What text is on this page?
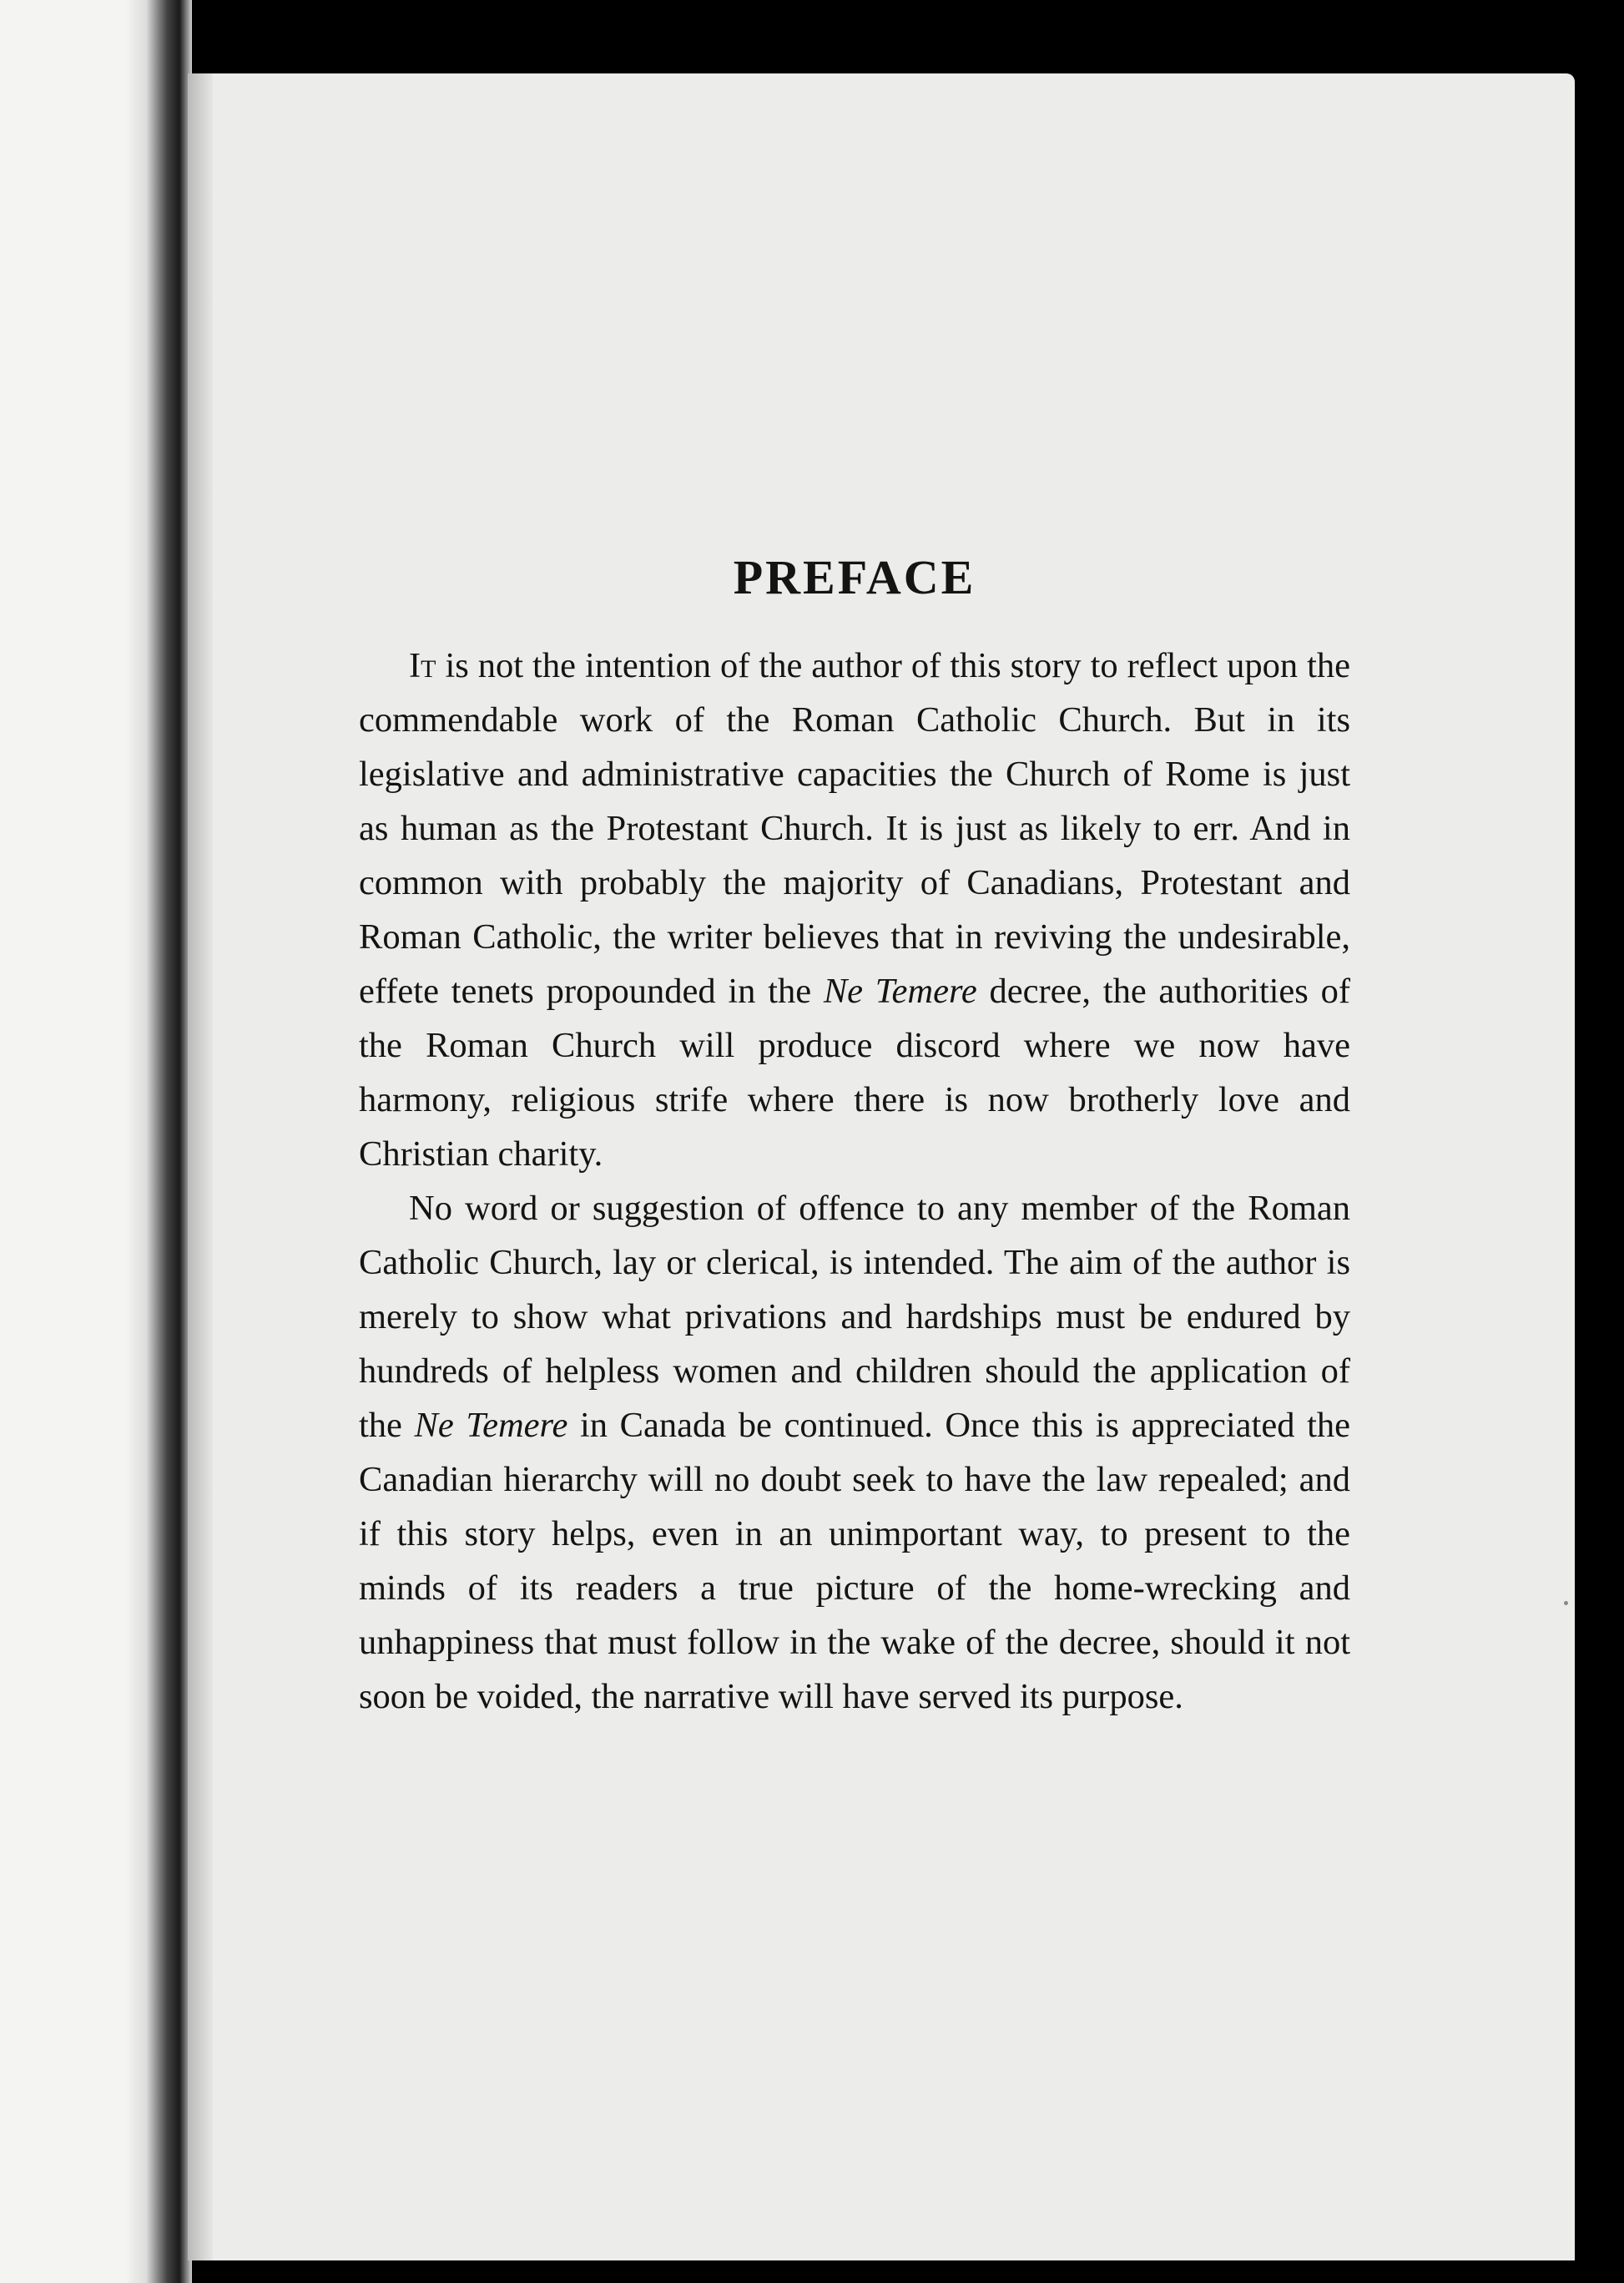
PREFACE

It is not the intention of the author of this story to reflect upon the commendable work of the Roman Catholic Church. But in its legislative and administrative capacities the Church of Rome is just as human as the Protestant Church. It is just as likely to err. And in common with probably the majority of Canadians, Protestant and Roman Catholic, the writer believes that in reviving the undesirable, effete tenets propounded in the Ne Temere decree, the authorities of the Roman Church will produce discord where we now have harmony, religious strife where there is now brotherly love and Christian charity.

No word or suggestion of offence to any member of the Roman Catholic Church, lay or clerical, is intended. The aim of the author is merely to show what privations and hardships must be endured by hundreds of helpless women and children should the application of the Ne Temere in Canada be continued. Once this is appreciated the Canadian hierarchy will no doubt seek to have the law repealed; and if this story helps, even in an unimportant way, to present to the minds of its readers a true picture of the home-wrecking and unhappiness that must follow in the wake of the decree, should it not soon be voided, the narrative will have served its purpose.
